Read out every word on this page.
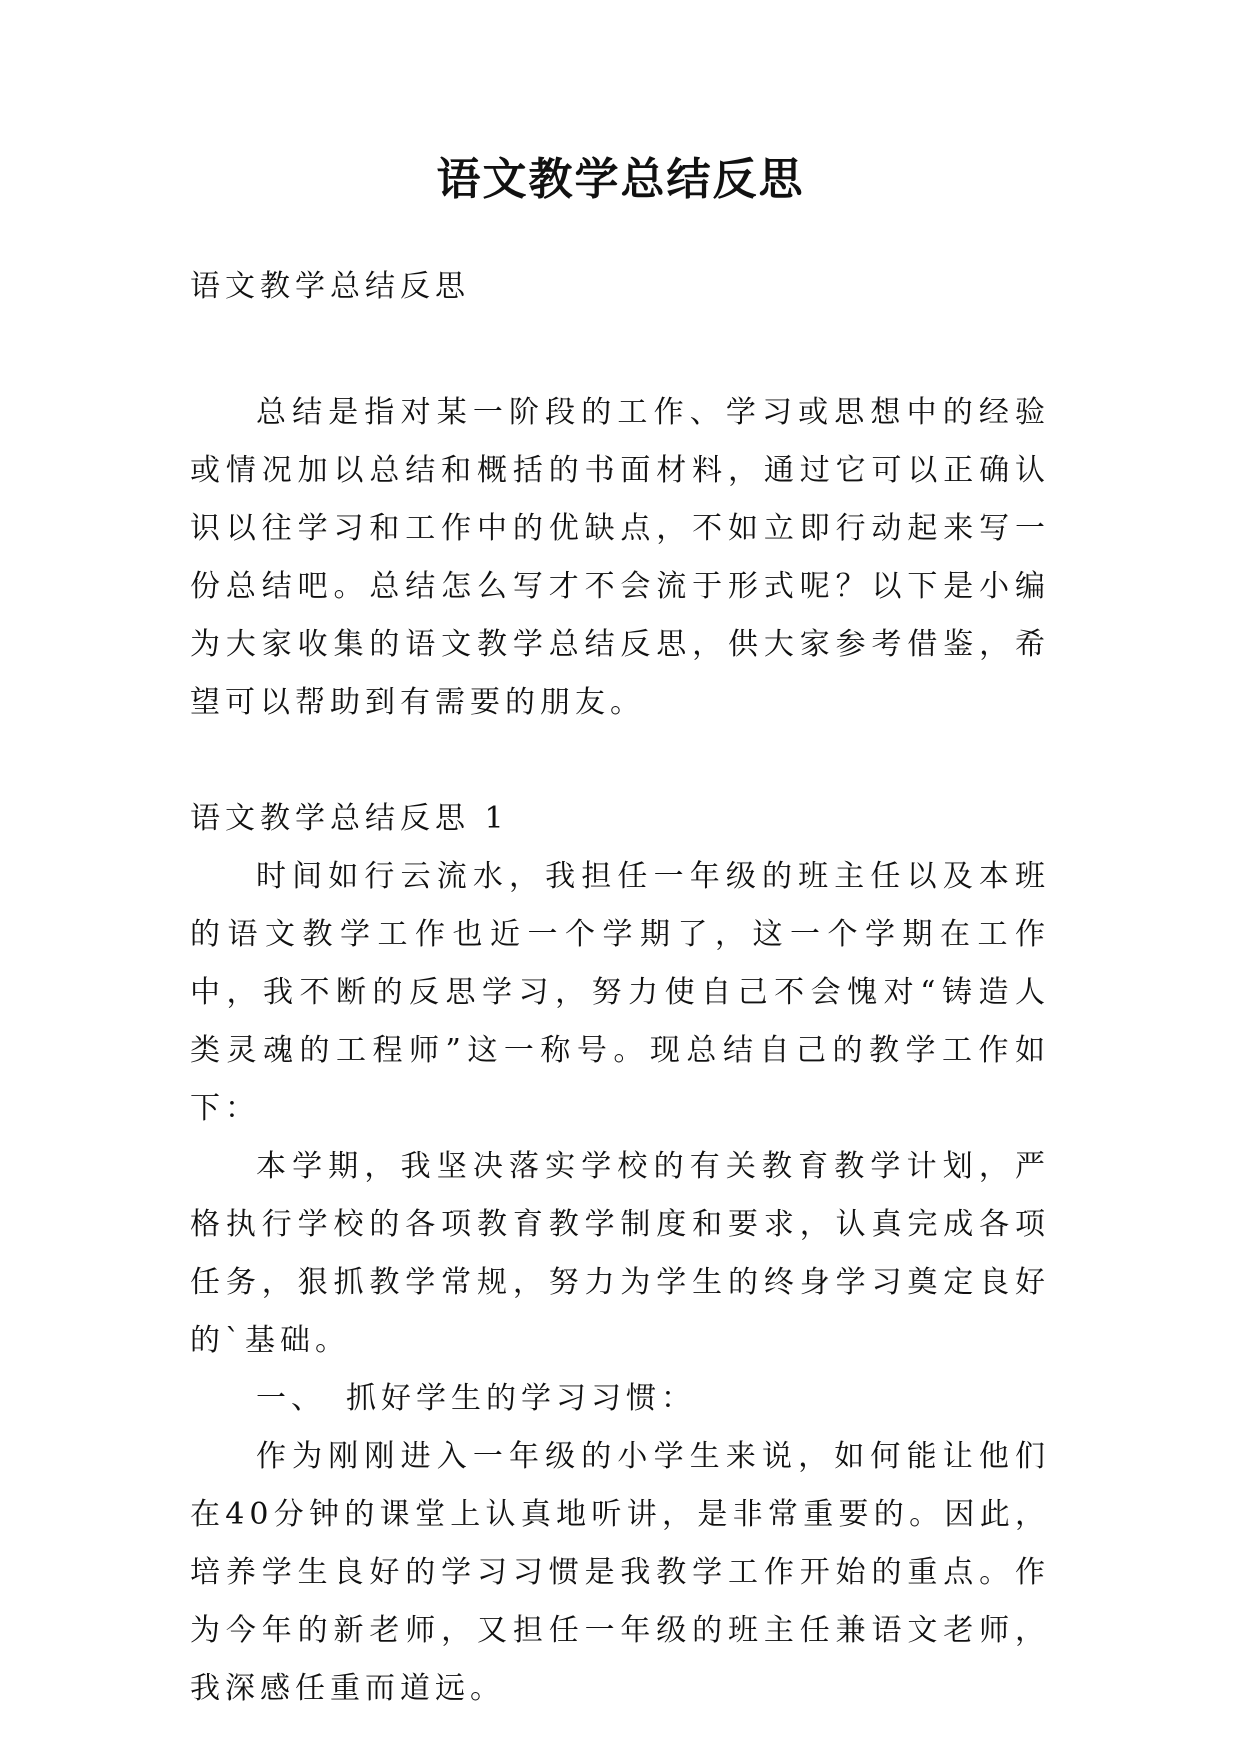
语文教学总结反思

语文教学总结反思

总结是指对某一阶段的工作、学习或思想中的经验或情况加以总结和概括的书面材料，通过它可以正确认识以往学习和工作中的优缺点，不如立即行动起来写一份总结吧。总结怎么写才不会流于形式呢？以下是小编为大家收集的语文教学总结反思，供大家参考借鉴，希望可以帮助到有需要的朋友。

语文教学总结反思 1

时间如行云流水，我担任一年级的班主任以及本班的语文教学工作也近一个学期了，这一个学期在工作中，我不断的反思学习，努力使自己不会愧对“铸造人类灵魂的工程师”这一称号。现总结自己的教学工作如下：

本学期，我坚决落实学校的有关教育教学计划，严格执行学校的各项教育教学制度和要求，认真完成各项任务，狠抓教学常规，努力为学生的终身学习奠定良好的`基础。

一、　抓好学生的学习习惯：

作为刚刚进入一年级的小学生来说，如何能让他们在40分钟的课堂上认真地听讲，是非常重要的。因此，培养学生良好的学习习惯是我教学工作开始的重点。作为今年的新老师，又担任一年级的班主任兼语文老师，我深感任重而道远。
